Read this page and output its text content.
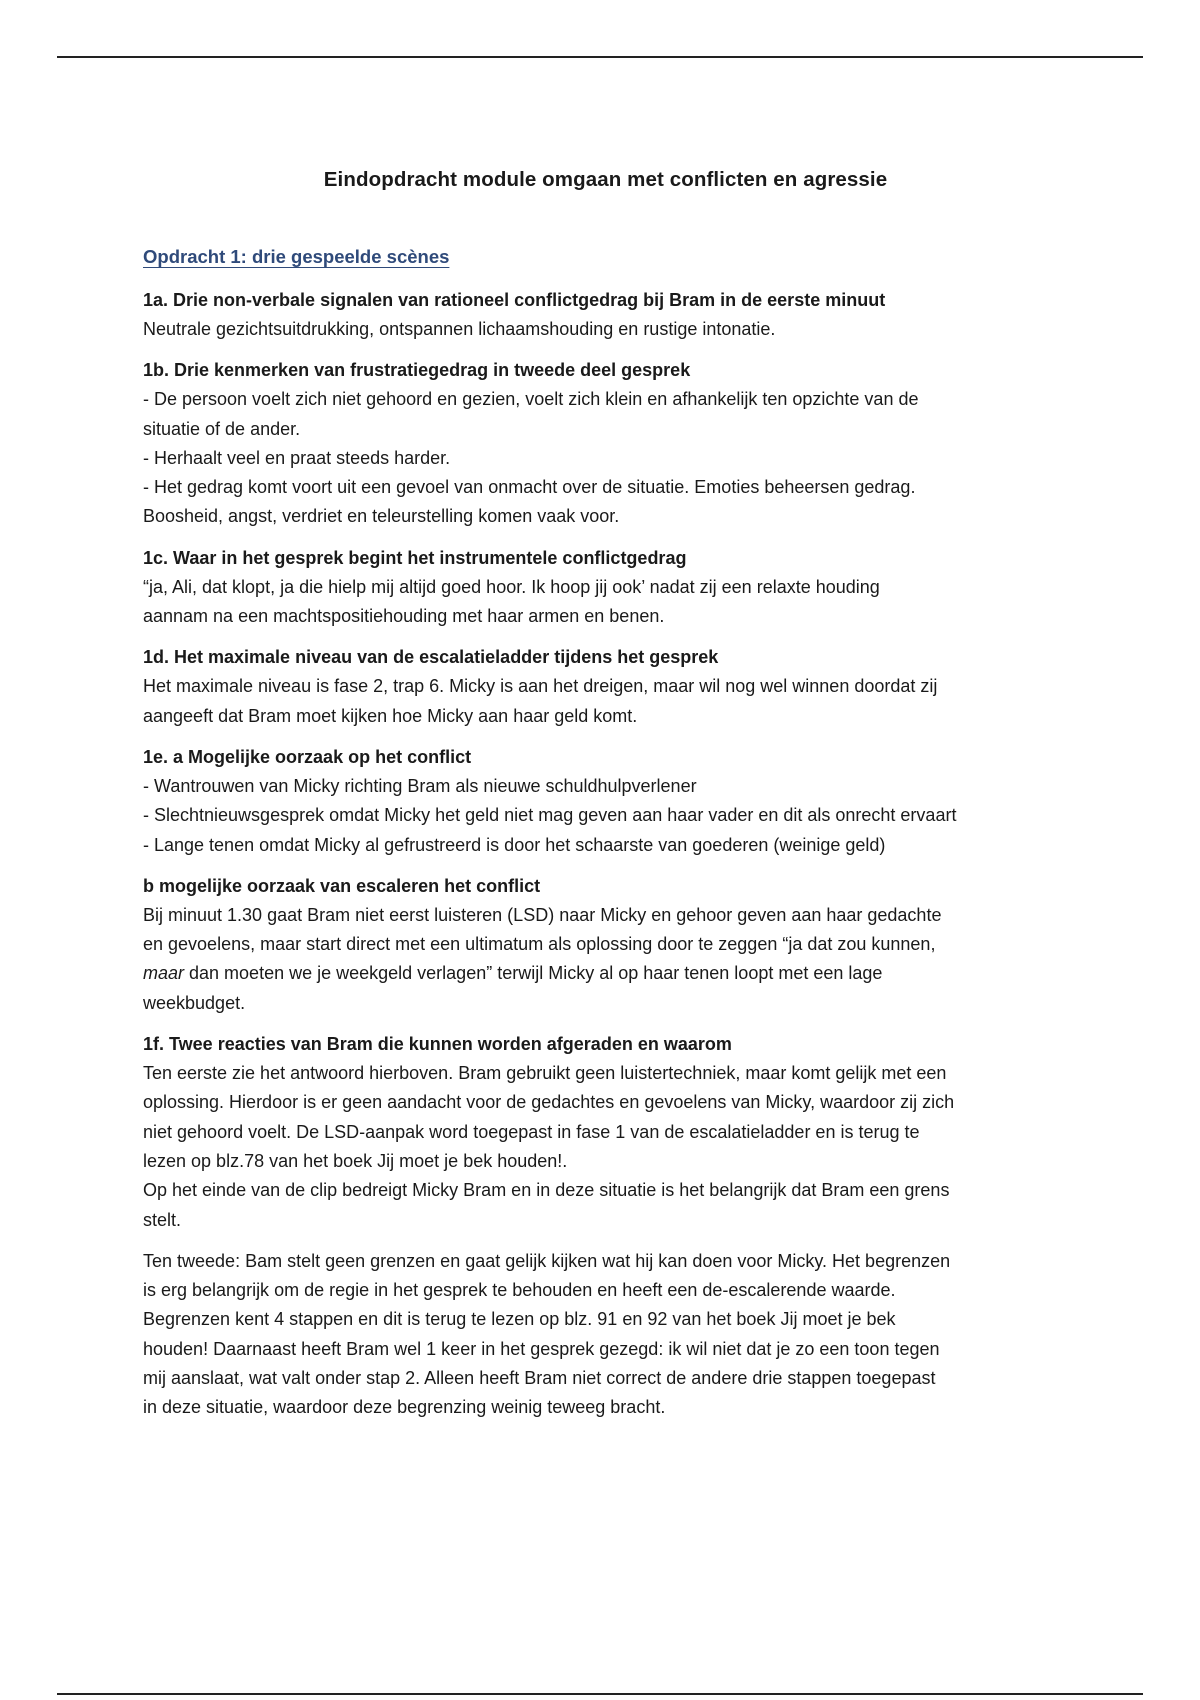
Eindopdracht module omgaan met conflicten en agressie
Opdracht 1: drie gespeelde scènes

1a. Drie non-verbale signalen van rationeel conflictgedrag bij Bram in de eerste minuut

Neutrale gezichtsuitdrukking, ontspannen lichaamshouding en rustige intonatie.

1b. Drie kenmerken van frustratiegedrag in tweede deel gesprek

- De persoon voelt zich niet gehoord en gezien, voelt zich klein en afhankelijk ten opzichte van de

situatie of de ander.

- Herhaalt veel en praat steeds harder.

- Het gedrag komt voort uit een gevoel van onmacht over de situatie. Emoties beheersen gedrag.

Boosheid, angst, verdriet en teleurstelling komen vaak voor.

1c. Waar in het gesprek begint het instrumentele conflictgedrag

“ja, Ali, dat klopt, ja die hielp mij altijd goed hoor. Ik hoop jij ook’ nadat zij een relaxte houding

aannam na een machtspositiehouding met haar armen en benen.

1d. Het maximale niveau van de escalatieladder tijdens het gesprek

Het maximale niveau is fase 2, trap 6. Micky is aan het dreigen, maar wil nog wel winnen doordat zij

aangeeft dat Bram moet kijken hoe Micky aan haar geld komt.

1e. a Mogelijke oorzaak op het conflict

- Wantrouwen van Micky richting Bram als nieuwe schuldhulpverlener

- Slechtnieuwsgesprek omdat Micky het geld niet mag geven aan haar vader en dit als onrecht ervaart

- Lange tenen omdat Micky al gefrustreerd is door het schaarste van goederen (weinige geld)

b mogelijke oorzaak van escaleren het conflict

Bij minuut 1.30 gaat Bram niet eerst luisteren (LSD) naar Micky en gehoor geven aan haar gedachte

en gevoelens, maar start direct met een ultimatum als oplossing door te zeggen “ja dat zou kunnen,

maar dan moeten we je weekgeld verlagen” terwijl Micky al op haar tenen loopt met een lage

weekbudget.

1f. Twee reacties van Bram die kunnen worden afgeraden en waarom

Ten eerste zie het antwoord hierboven. Bram gebruikt geen luistertechniek, maar komt gelijk met een

oplossing. Hierdoor is er geen aandacht voor de gedachtes en gevoelens van Micky, waardoor zij zich

niet gehoord voelt. De LSD-aanpak word toegepast in fase 1 van de escalatieladder en is terug te

lezen op blz.78 van het boek Jij moet je bek houden!.

Op het einde van de clip bedreigt Micky Bram en in deze situatie is het belangrijk dat Bram een grens

stelt.

Ten tweede: Bam stelt geen grenzen en gaat gelijk kijken wat hij kan doen voor Micky. Het begrenzen

is erg belangrijk om de regie in het gesprek te behouden en heeft een de-escalerende waarde.

Begrenzen kent 4 stappen en dit is terug te lezen op blz. 91 en 92 van het boek Jij moet je bek

houden! Daarnaast heeft Bram wel 1 keer in het gesprek gezegd: ik wil niet dat je zo een toon tegen

mij aanslaat, wat valt onder stap 2. Alleen heeft Bram niet correct de andere drie stappen toegepast

in deze situatie, waardoor deze begrenzing weinig teweeg bracht.
